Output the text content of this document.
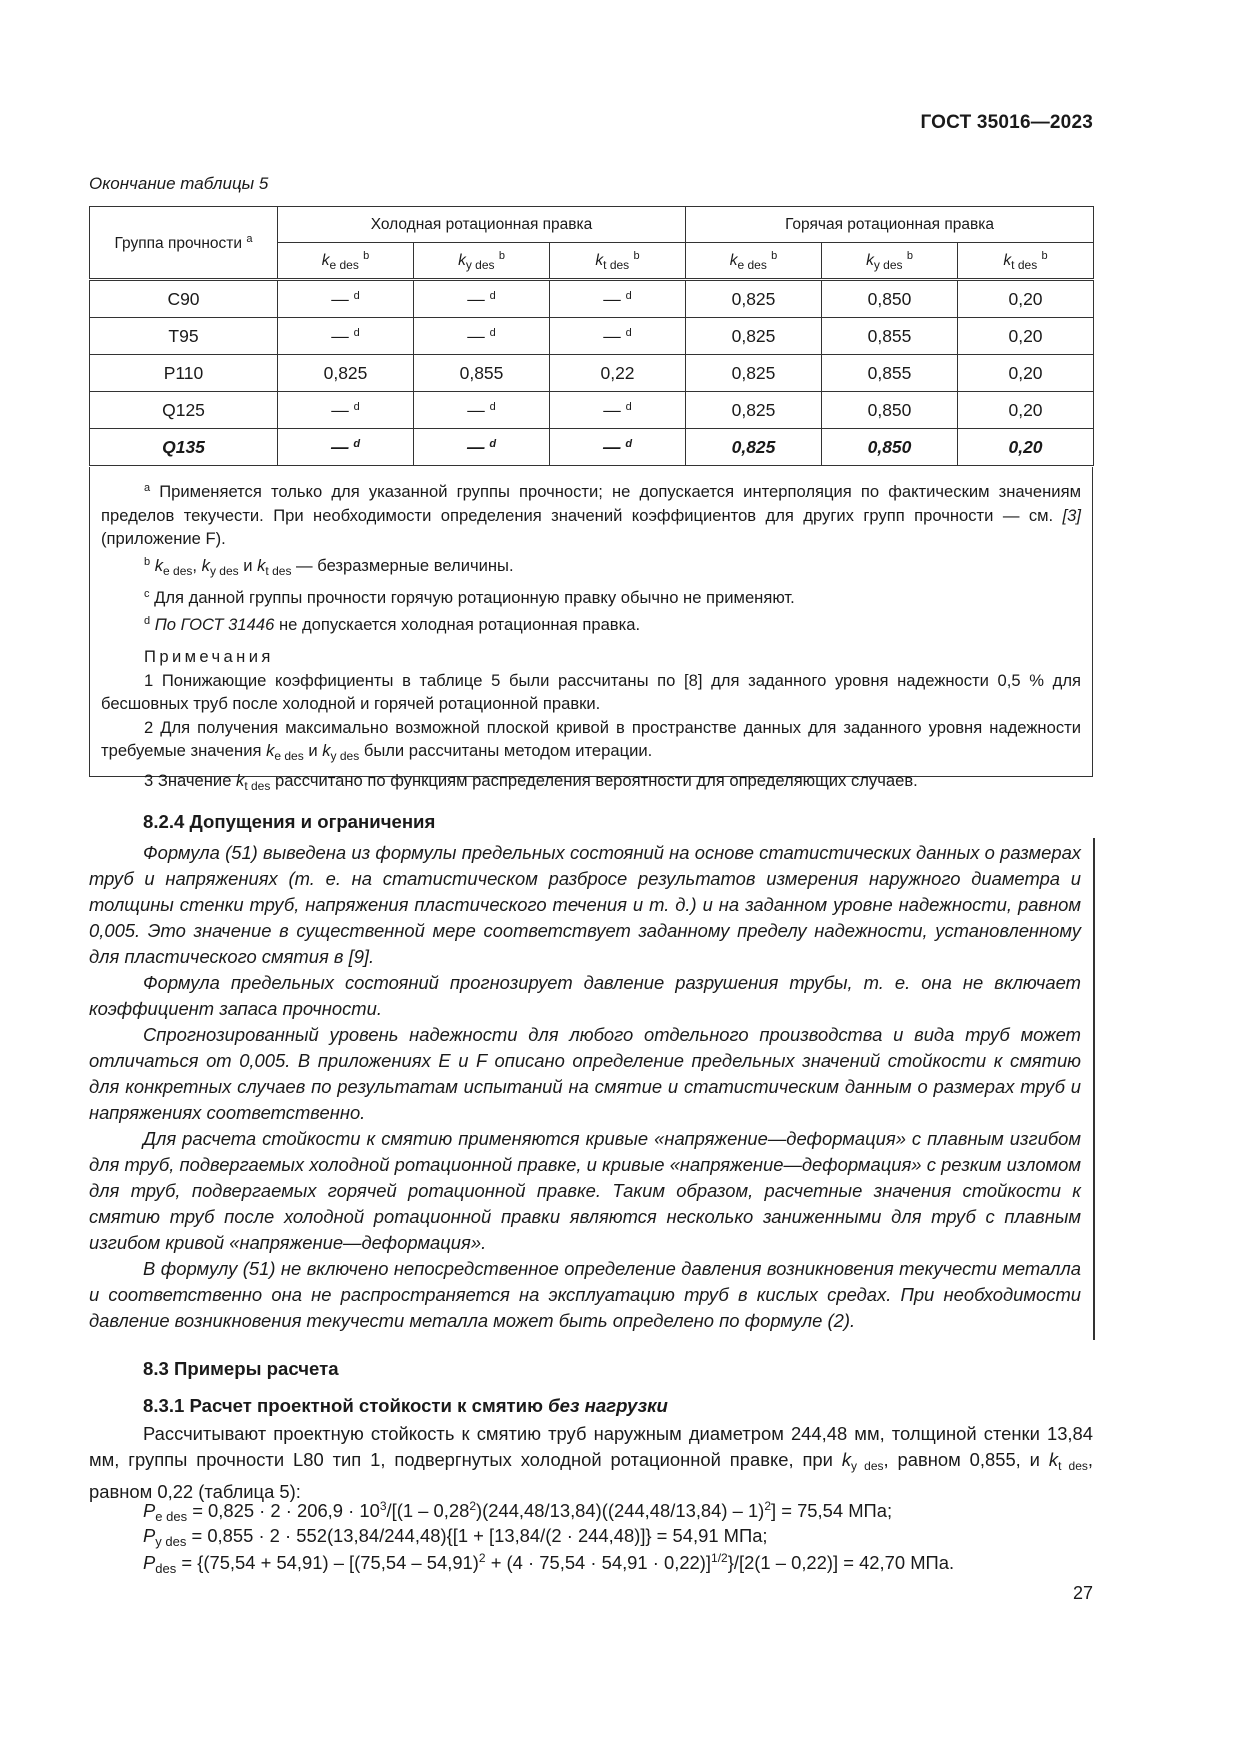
ГОСТ 35016—2023
Окончание таблицы 5
Группа прочности $^a$	Холодная ротационная правка			Горячая ротационная правка		
	$k_{e des}$ $^b$	$k_{y des}$ $^b$	$k_{t des}$ $^b$	$k_{e des}$ $^b$	$k_{y des}$ $^b$	$k_{t des}$ $^b$
C90	— $^d$	— $^d$	— $^d$	0,825	0,850	0,20
T95	— $^d$	— $^d$	— $^d$	0,825	0,855	0,20
P110	0,825	0,855	0,22	0,825	0,855	0,20
Q125	— $^d$	— $^d$	— $^d$	0,825	0,850	0,20
Q135	— $^d$	— $^d$	— $^d$	0,825	0,850	0,20

$^a$ Применяется только для указанной группы прочности; не допускается интерполяция по фактическим значениям пределов текучести. При необходимости определения значений коэффициентов для других групп прочности — см. [3] (приложение F).

$^b$ $k_{e des}$, $k_{y des}$ и $k_{t des}$ — безразмерные величины.

$^c$ Для данной группы прочности горячую ротационную правку обычно не применяют.

$^d$ По ГОСТ 31446 не допускается холодная ротационная правка.

Примечания

1 Понижающие коэффициенты в таблице 5 были рассчитаны по [8] для заданного уровня надежности 0,5 % для бесшовных труб после холодной и горячей ротационной правки.

2 Для получения максимально возможной плоской кривой в пространстве данных для заданного уровня надежности требуемые значения $k_{e des}$ и $k_{y des}$ были рассчитаны методом итерации.

3 Значение $k_{t des}$ рассчитано по функциям распределения вероятности для определяющих случаев.

8.2.4 Допущения и ограничения

Формула (51) выведена из формулы предельных состояний на основе статистических данных о размерах труб и напряжениях (т. е. на статистическом разбросе результатов измерения наружного диаметра и толщины стенки труб, напряжения пластического течения и т. д.) и на заданном уровне надежности, равном 0,005. Это значение в существенной мере соответствует заданному пределу надежности, установленному для пластического смятия в [9].

Формула предельных состояний прогнозирует давление разрушения трубы, т. е. она не включает коэффициент запаса прочности.

Спрогнозированный уровень надежности для любого отдельного производства и вида труб может отличаться от 0,005. В приложениях E и F описано определение предельных значений стойкости к смятию для конкретных случаев по результатам испытаний на смятие и статистическим данным о размерах труб и напряжениях соответственно.

Для расчета стойкости к смятию применяются кривые «напряжение—деформация» с плавным изгибом для труб, подвергаемых холодной ротационной правке, и кривые «напряжение—деформация» с резким изломом для труб, подвергаемых горячей ротационной правке. Таким образом, расчетные значения стойкости к смятию труб после холодной ротационной правки являются несколько заниженными для труб с плавным изгибом кривой «напряжение—деформация».

В формулу (51) не включено непосредственное определение давления возникновения текучести металла и соответственно она не распространяется на эксплуатацию труб в кислых средах. При необходимости давление возникновения текучести металла может быть определено по формуле (2).

8.3 Примеры расчета
8.3.1 Расчет проектной стойкости к смятию без нагрузки

Рассчитывают проектную стойкость к смятию труб наружным диаметром 244,48 мм, толщиной стенки 13,84 мм, группы прочности L80 тип 1, подвергнутых холодной ротационной правке, при $k_{y des}$, равном 0,855, и $k_{t des}$, равном 0,22 (таблица 5):

$P_{e des} = 0,825 \cdot 2 \cdot 206,9 \cdot 10^3/[(1 - 0,28^2)(244,48/13,84)((244,48/13,84) - 1)^2] = 75,54$ МПа;
$P_{y des} = 0,855 \cdot 2 \cdot 552(13,84/244,48)\{[1 + [13,84/(2 \cdot 244,48)]\} = 54,91$ МПа;
$P_{des} = \{(75,54 + 54,91) - [(75,54 - 54,91)^2 + (4 \cdot 75,54 \cdot 54,91 \cdot 0,22)]^{1/2}\}/[2(1 - 0,22)] = 42,70$ МПа.
27
